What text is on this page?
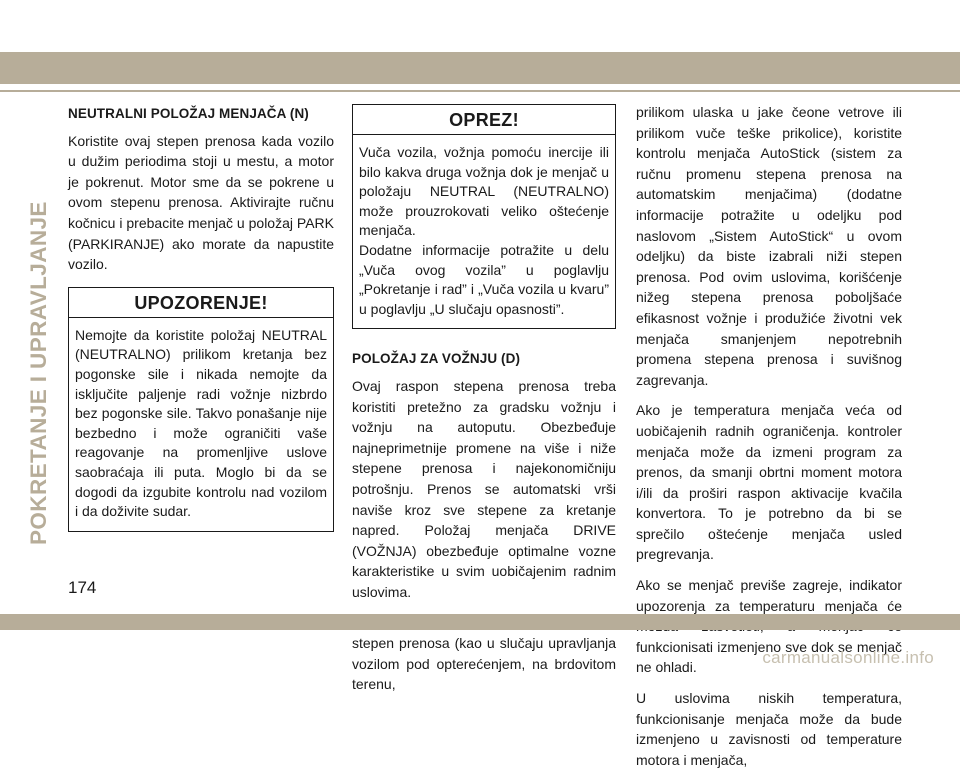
POKRETANJE I UPRAVLJANJE
NEUTRALNI POLOŽAJ MENJAČA (N)

Koristite ovaj stepen prenosa kada vozilo u dužim periodima stoji u mestu, a motor je pokrenut. Motor sme da se pokrene u ovom stepenu prenosa. Aktivirajte ručnu kočnicu i prebacite menjač u položaj PARK (PARKIRANJE) ako morate da napustite vozilo.

UPOZORENJE!

Nemojte da koristite položaj NEUTRAL (NEUTRALNO) prilikom kretanja bez pogonske sile i nikada nemojte da isključite paljenje radi vožnje nizbrdo bez pogonske sile. Takvo ponašanje nije bezbedno i može ograničiti vaše reagovanje na promenljive uslove saobraćaja ili puta. Moglo bi da se dogodi da izgubite kontrolu nad vozilom i da doživite sudar.

OPREZ!

Vuča vozila, vožnja pomoću inercije ili bilo kakva druga vožnja dok je menjač u položaju NEUTRAL (NEUTRALNO) može prouzrokovati veliko oštećenje menjača.

Dodatne informacije potražite u delu „Vuča ovog vozila” u poglavlju „Pokretanje i rad” i „Vuča vozila u kvaru” u poglavlju „U slučaju opasnosti”.

POLOŽAJ ZA VOŽNJU (D)

Ovaj raspon stepena prenosa treba koristiti pretežno za gradsku vožnju i vožnju na autoputu. Obezbeđuje najneprimetnije promene na više i niže stepene prenosa i najekonomičniju potrošnju. Prenos se automatski vrši naviše kroz sve stepene za kretanje napred. Položaj menjača DRIVE (VOŽNJA) obezbeđuje optimalne vozne karakteristike u svim uobičajenim radnim uslovima.

stepen prenosa (kao u slučaju upravljanja vozilom pod opterećenjem, na brdovitom terenu,

prilikom ulaska u jake čeone vetrove ili prilikom vuče teške prikolice), koristite kontrolu menjača AutoStick (sistem za ručnu promenu stepena prenosa na automatskim menjačima) (dodatne informacije potražite u odeljku pod naslovom „Sistem AutoStick“ u ovom odeljku) da biste izabrali niži stepen prenosa. Pod ovim uslovima, korišćenje nižeg stepena prenosa poboljšaće efikasnost vožnje i produžiće životni vek menjača smanjenjem nepotrebnih promena stepena prenosa i suvišnog zagrevanja.

Ako je temperatura menjača veća od uobičajenih radnih ograničenja. kontroler menjača može da izmeni program za prenos, da smanji obrtni moment motora i/ili da proširi raspon aktivacije kvačila konvertora. To je potrebno da bi se sprečilo oštećenje menjača usled pregrevanja.

Ako se menjač previše zagreje, indikator upozorenja za temperaturu menjača će funkcionisati izmenjeno sve dok se menjač ne ohladi.

U uslovima niskih temperatura, funkcionisanje menjača može da bude izmenjeno u zavisnosti od temperature motora i menjača,

174
carmanualsonline.info
